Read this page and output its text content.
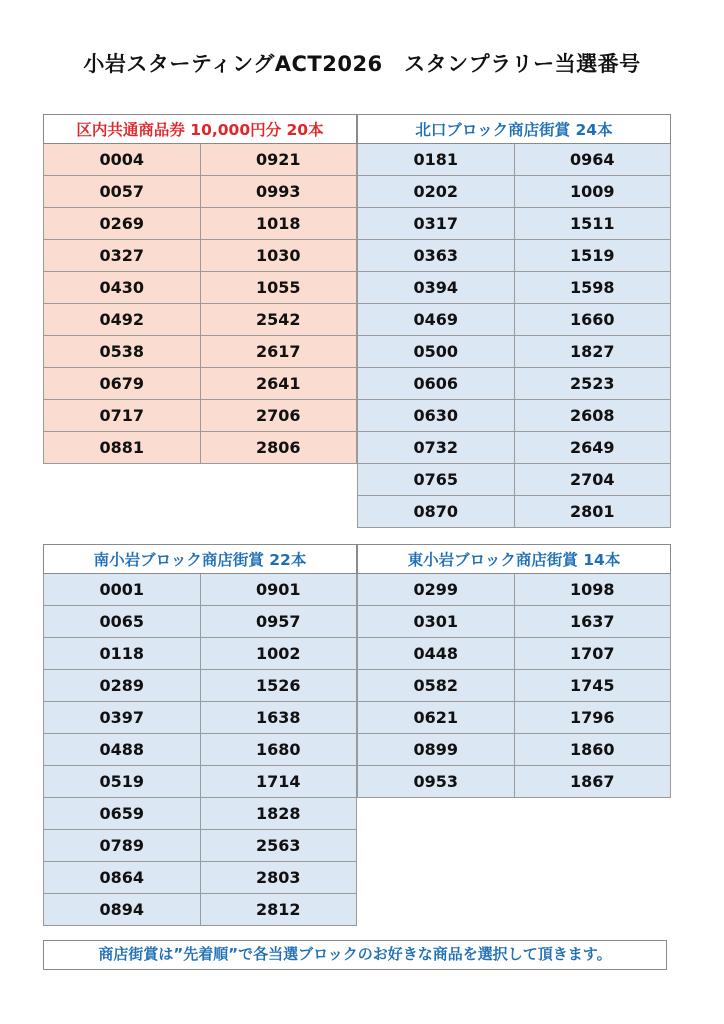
小岩スターティングACT2026　スタンプラリー当選番号
区内共通商品券 10,000円分 20本	
0004	0921
0057	0993
0269	1018
0327	1030
0430	1055
0492	2542
0538	2617
0679	2641
0717	2706
0881	2806
北口ブロック商店街賞 24本	
0181	0964
0202	1009
0317	1511
0363	1519
0394	1598
0469	1660
0500	1827
0606	2523
0630	2608
0732	2649
0765	2704
0870	2801
南小岩ブロック商店街賞 22本	
0001	0901
0065	0957
0118	1002
0289	1526
0397	1638
0488	1680
0519	1714
0659	1828
0789	2563
0864	2803
0894	2812
東小岩ブロック商店街賞 14本	
0299	1098
0301	1637
0448	1707
0582	1745
0621	1796
0899	1860
0953	1867
商店街賞は”先着順”で各当選ブロックのお好きな商品を選択して頂きます。
